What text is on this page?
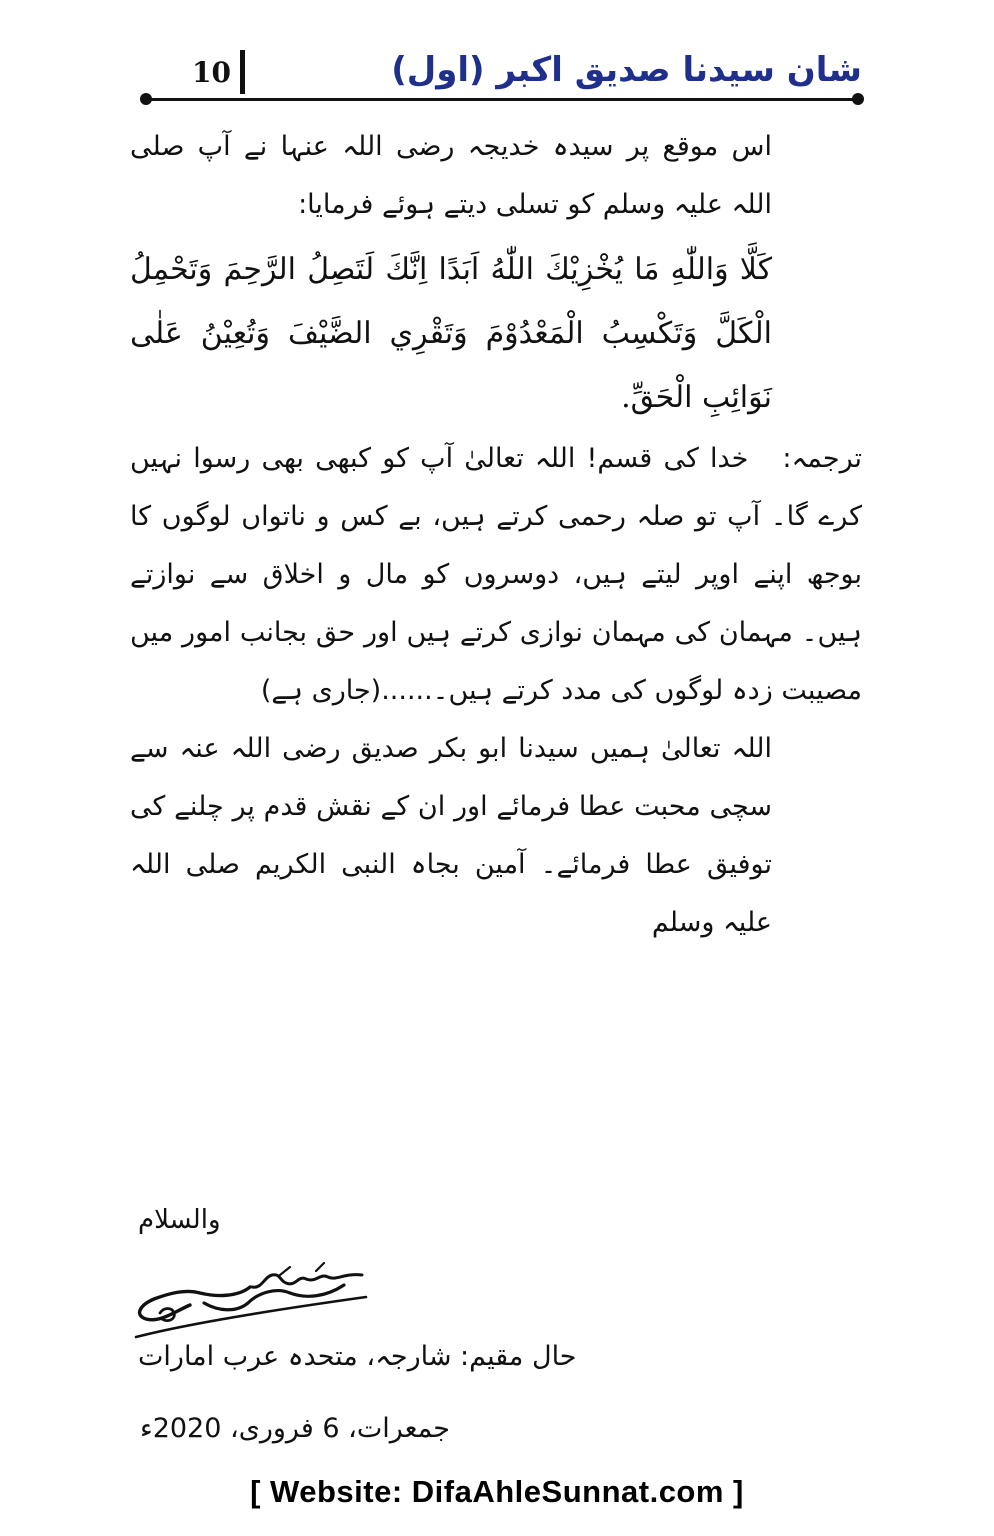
شان سیدنا صدیق اکبر (اول)
10

اس موقع پر سیدہ خدیجہ رضی اللہ عنہا نے آپ صلی اللہ علیہ وسلم کو تسلی دیتے ہوئے فرمایا:

كَلَّا وَاللّٰهِ مَا يُخْزِيْكَ اللّٰهُ اَبَدًا اِنَّكَ لَتَصِلُ الرَّحِمَ وَتَحْمِلُ الْكَلَّ وَتَكْسِبُ الْمَعْدُوْمَ وَتَقْرِي الضَّيْفَ وَتُعِيْنُ عَلٰى نَوَائِبِ الْحَقِّ.

ترجمہ:خدا کی قسم! اللہ تعالیٰ آپ کو کبھی بھی رسوا نہیں کرے گا۔ آپ تو صلہ رحمی کرتے ہیں، بے کس و ناتواں لوگوں کا بوجھ اپنے اوپر لیتے ہیں، دوسروں کو مال و اخلاق سے نوازتے ہیں۔ مہمان کی مہمان نوازی کرتے ہیں اور حق بجانب امور میں مصیبت زدہ لوگوں کی مدد کرتے ہیں۔......(جاری ہے)

اللہ تعالیٰ ہمیں سیدنا ابو بکر صدیق رضی اللہ عنہ سے سچی محبت عطا فرمائے اور ان کے نقش قدم پر چلنے کی توفیق عطا فرمائے۔ آمین بجاہ النبی الکریم صلی اللہ علیہ وسلم

والسلام
حال مقیم: شارجہ، متحدہ عرب امارات
جمعرات، 6 فروری، 2020ء
[ Website: DifaAhleSunnat.com ]
